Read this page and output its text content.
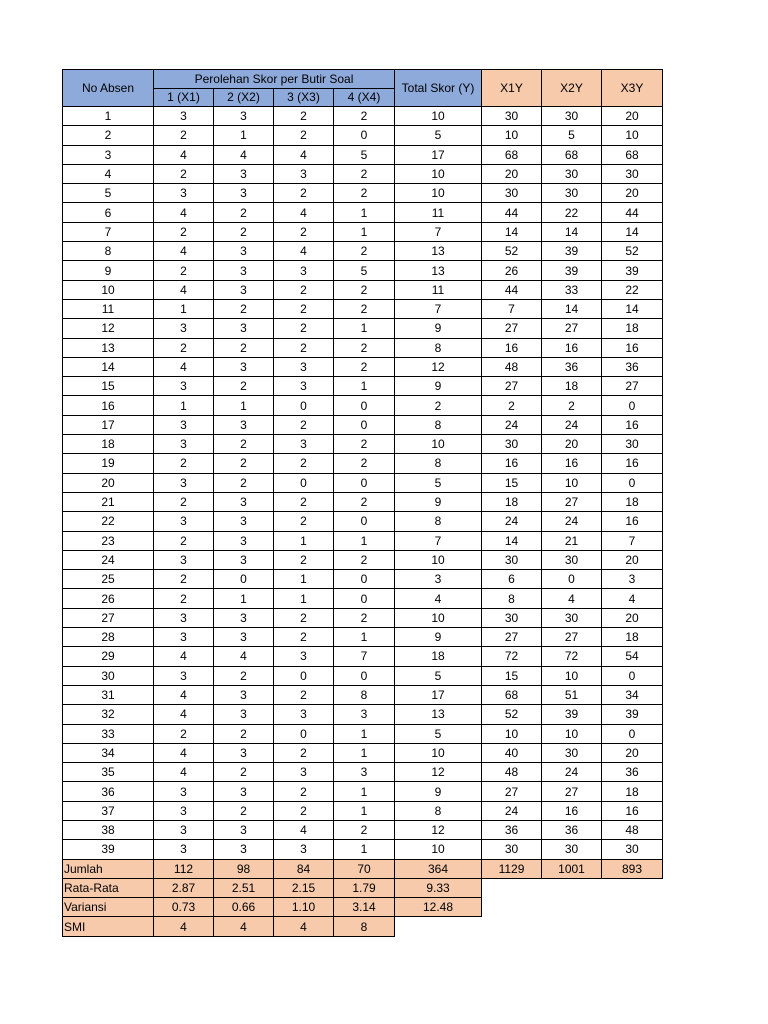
No Absen	Perolehan Skor per Butir Soal				Total Skor (Y)	X1Y	X2Y	X3Y
	1 (X1)	2 (X2)	3 (X3)	4 (X4)				
1	3	3	2	2	10	30	30	20
2	2	1	2	0	5	10	5	10
3	4	4	4	5	17	68	68	68
4	2	3	3	2	10	20	30	30
5	3	3	2	2	10	30	30	20
6	4	2	4	1	11	44	22	44
7	2	2	2	1	7	14	14	14
8	4	3	4	2	13	52	39	52
9	2	3	3	5	13	26	39	39
10	4	3	2	2	11	44	33	22
11	1	2	2	2	7	7	14	14
12	3	3	2	1	9	27	27	18
13	2	2	2	2	8	16	16	16
14	4	3	3	2	12	48	36	36
15	3	2	3	1	9	27	18	27
16	1	1	0	0	2	2	2	0
17	3	3	2	0	8	24	24	16
18	3	2	3	2	10	30	20	30
19	2	2	2	2	8	16	16	16
20	3	2	0	0	5	15	10	0
21	2	3	2	2	9	18	27	18
22	3	3	2	0	8	24	24	16
23	2	3	1	1	7	14	21	7
24	3	3	2	2	10	30	30	20
25	2	0	1	0	3	6	0	3
26	2	1	1	0	4	8	4	4
27	3	3	2	2	10	30	30	20
28	3	3	2	1	9	27	27	18
29	4	4	3	7	18	72	72	54
30	3	2	0	0	5	15	10	0
31	4	3	2	8	17	68	51	34
32	4	3	3	3	13	52	39	39
33	2	2	0	1	5	10	10	0
34	4	3	2	1	10	40	30	20
35	4	2	3	3	12	48	24	36
36	3	3	2	1	9	27	27	18
37	3	2	2	1	8	24	16	16
38	3	3	4	2	12	36	36	48
39	3	3	3	1	10	30	30	30
Jumlah	112	98	84	70	364	1129	1001	893
Rata-Rata	2.87	2.51	2.15	1.79	9.33			
Variansi	0.73	0.66	1.10	3.14	12.48			
SMI	4	4	4	8				
